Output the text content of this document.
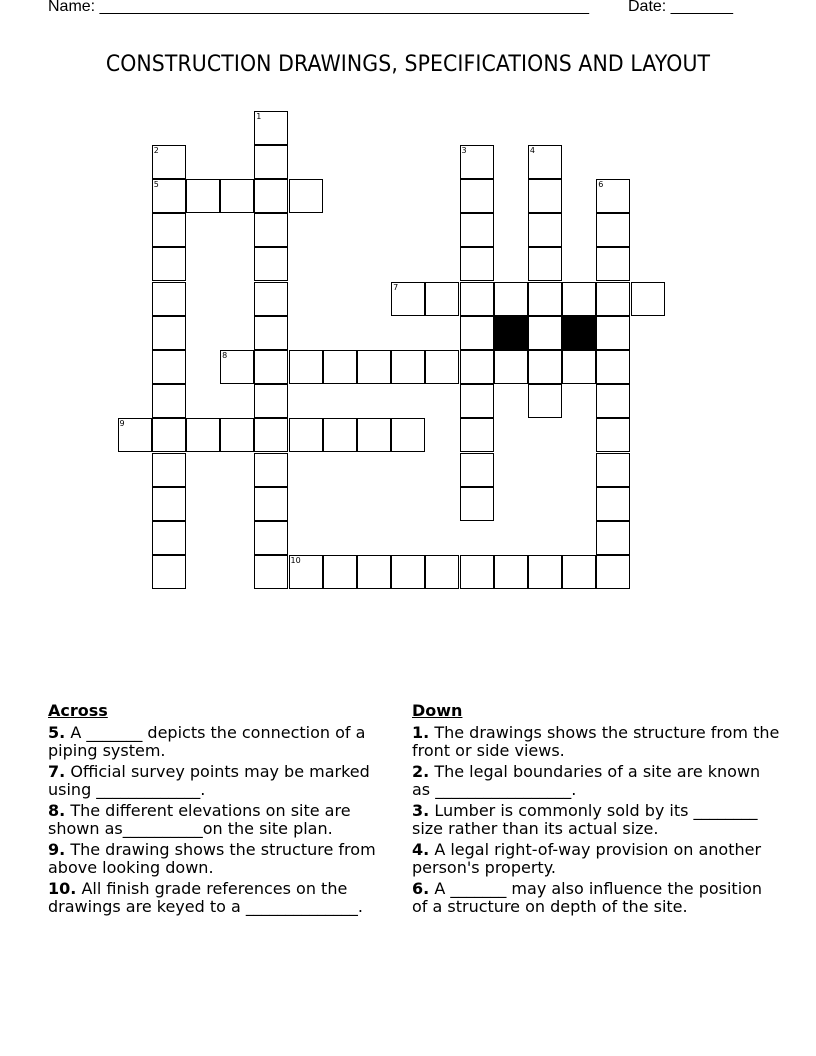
Name: _______________________________________________________ Date: _______
CONSTRUCTION DRAWINGS, SPECIFICATIONS AND LAYOUT
1
2
5
3	4
6
7
8
9
10
Across
5. A _______ depicts the connection of a piping system.
7. Official survey points may be marked using _____________.
8. The different elevations on site are shown as__________on the site plan.
9. The drawing shows the structure from above looking down.
10. All finish grade references on the drawings are keyed to a ______________.
Down
1. The drawings shows the structure from the front or side views.
2. The legal boundaries of a site are known as _________________.
3. Lumber is commonly sold by its ________ size rather than its actual size.
4. A legal right-of-way provision on another person's property.
6. A _______ may also influence the position of a structure on depth of the site.
